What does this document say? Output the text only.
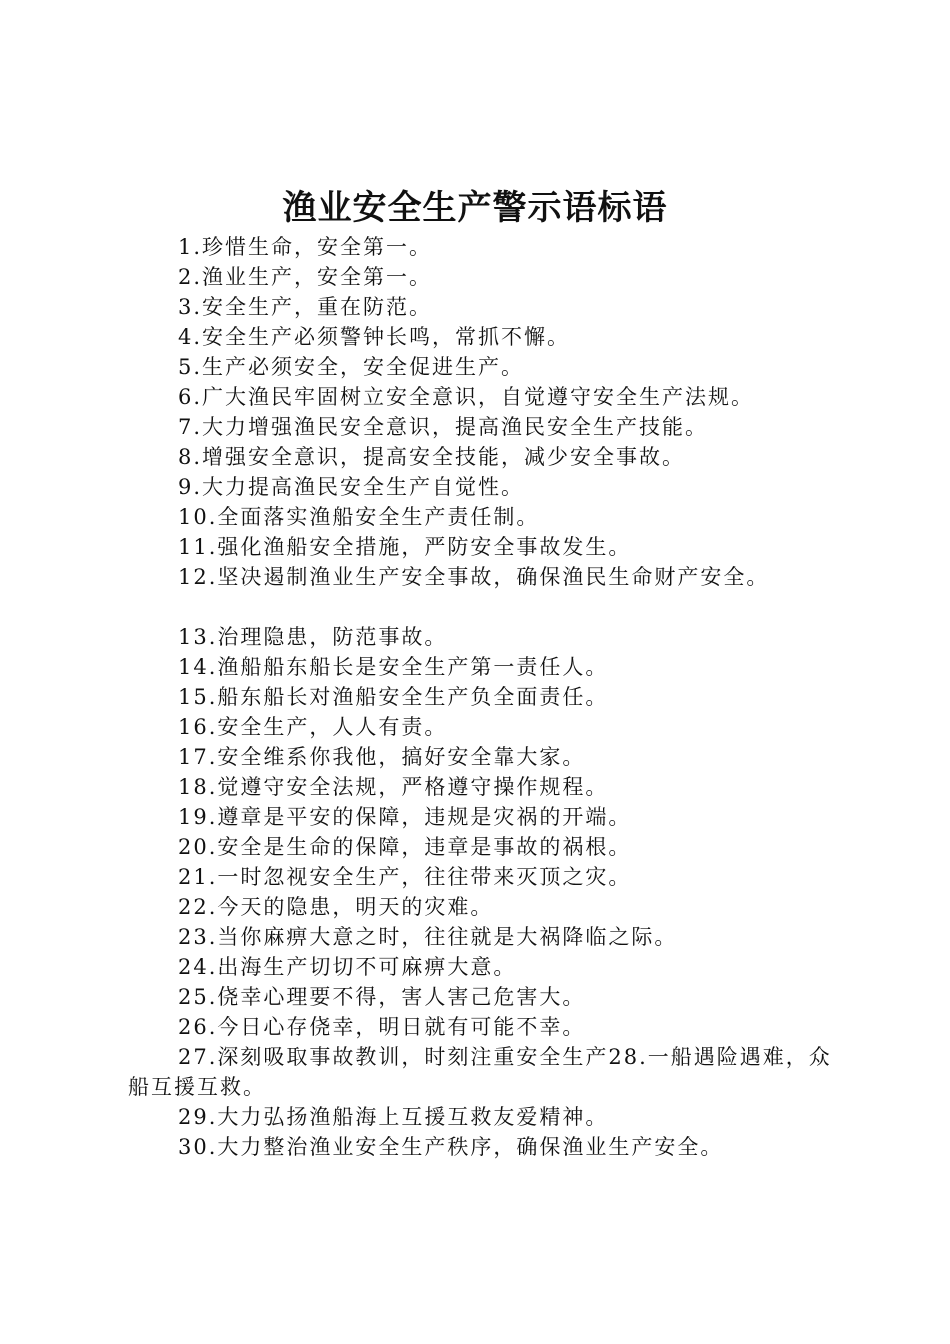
渔业安全生产警示语标语
1.珍惜生命，安全第一。
2.渔业生产，安全第一。
3.安全生产，重在防范。
4.安全生产必须警钟长鸣，常抓不懈。
5.生产必须安全，安全促进生产。
6.广大渔民牢固树立安全意识，自觉遵守安全生产法规。
7.大力增强渔民安全意识，提高渔民安全生产技能。
8.增强安全意识，提高安全技能，减少安全事故。
9.大力提高渔民安全生产自觉性。
10.全面落实渔船安全生产责任制。
11.强化渔船安全措施，严防安全事故发生。
12.坚决遏制渔业生产安全事故，确保渔民生命财产安全。
13.治理隐患，防范事故。
14.渔船船东船长是安全生产第一责任人。
15.船东船长对渔船安全生产负全面责任。
16.安全生产，人人有责。
17.安全维系你我他，搞好安全靠大家。
18.觉遵守安全法规，严格遵守操作规程。
19.遵章是平安的保障，违规是灾祸的开端。
20.安全是生命的保障，违章是事故的祸根。
21.一时忽视安全生产，往往带来灭顶之灾。
22.今天的隐患，明天的灾难。
23.当你麻痹大意之时，往往就是大祸降临之际。
24.出海生产切切不可麻痹大意。
25.侥幸心理要不得，害人害己危害大。
26.今日心存侥幸，明日就有可能不幸。
27.深刻吸取事故教训，时刻注重安全生产28.一船遇险遇难，众船互援互救。
29.大力弘扬渔船海上互援互救友爱精神。
30.大力整治渔业安全生产秩序，确保渔业生产安全。
